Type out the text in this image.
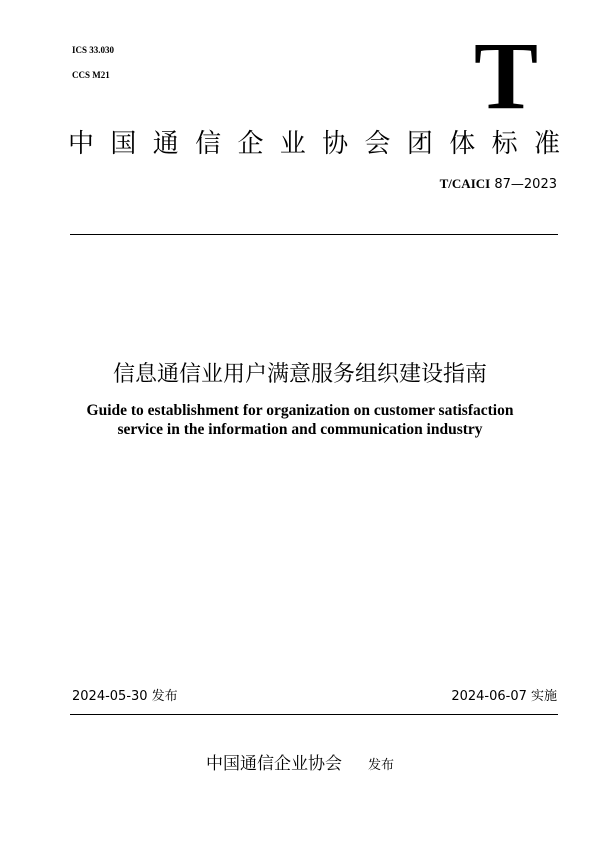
ICS 33.030
CCS M21	T
中 国 通 信 企 业 协 会 团 体 标 准
T/CAICI 87—2023
信息通信业用户满意服务组织建设指南
Guide to establishment for organization on customer satisfaction
service in the information and communication industry
2024-05-30 发布	2024-06-07 实施
中国通信企业协会 发布
